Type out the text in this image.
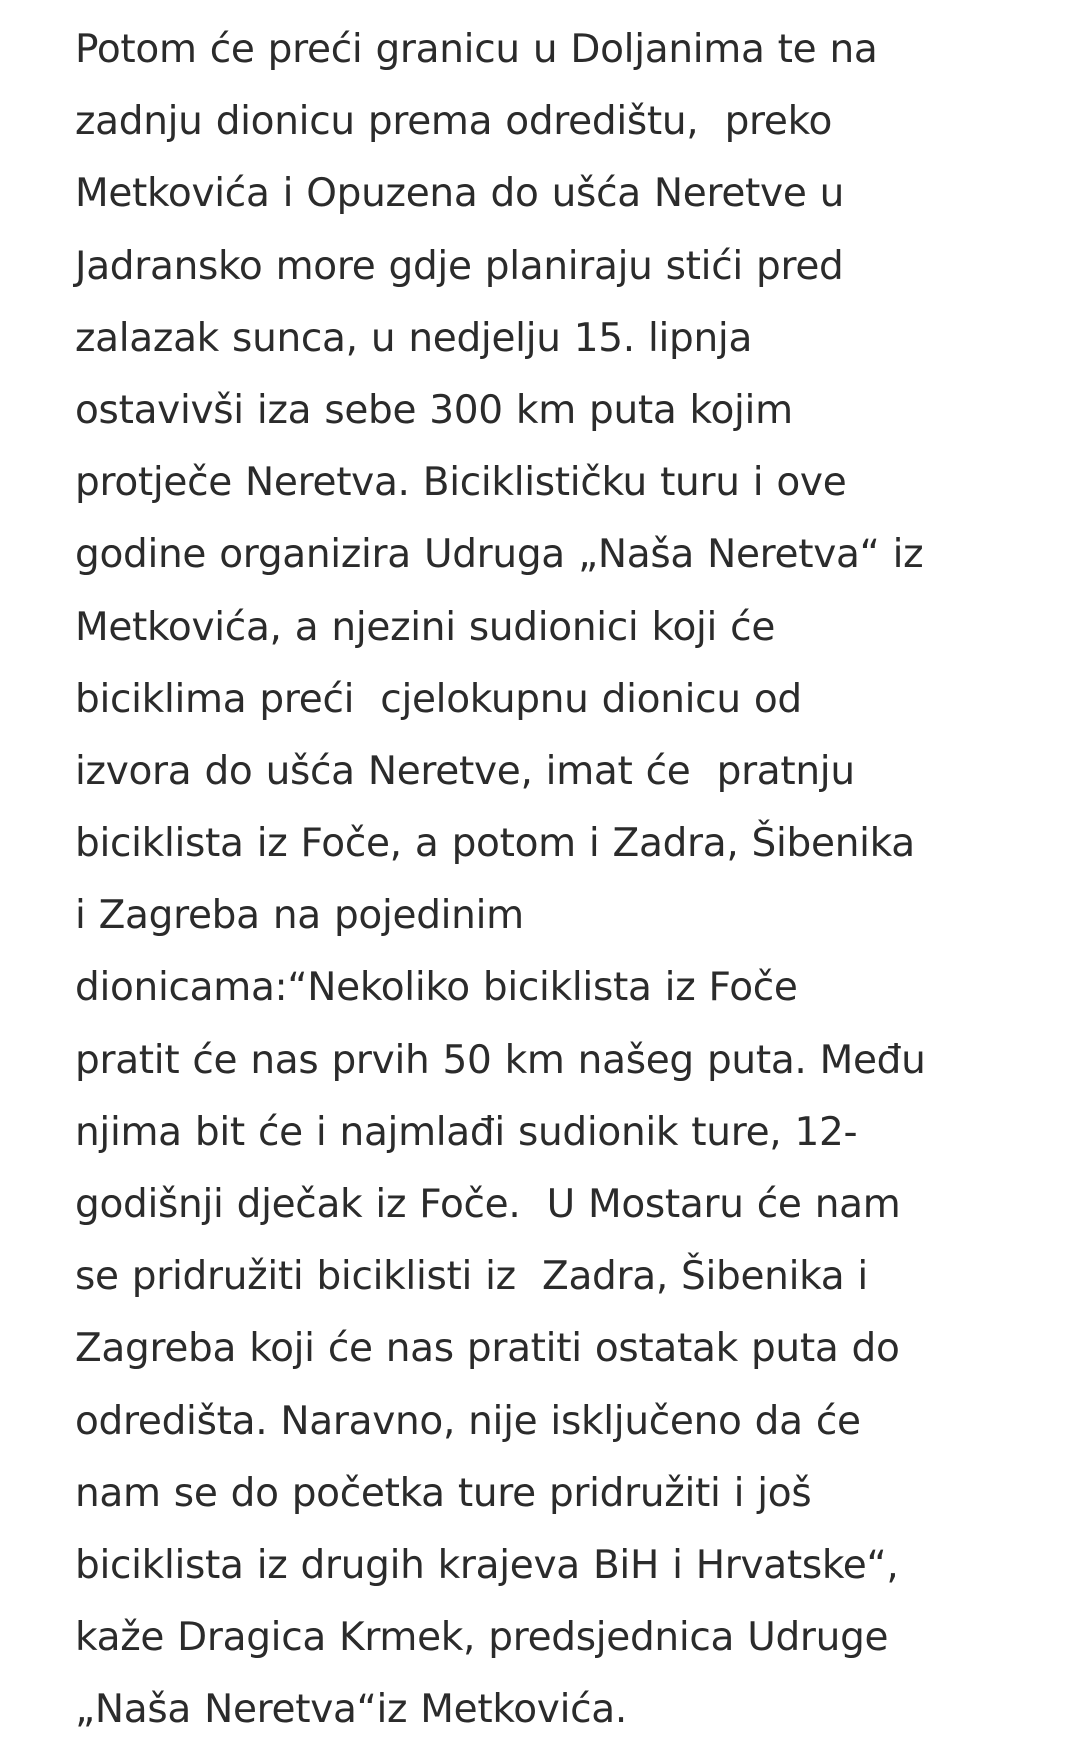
Potom će preći granicu u Doljanima te na
zadnju dionicu prema odredištu,  preko
Metkovića i Opuzena do ušća Neretve u
Jadransko more gdje planiraju stići pred
zalazak sunca, u nedjelju 15. lipnja
ostavivši iza sebe 300 km puta kojim
protječe Neretva. Biciklističku turu i ove
godine organizira Udruga „Naša Neretva“ iz
Metkovića, a njezini sudionici koji će
biciklima preći  cjelokupnu dionicu od
izvora do ušća Neretve, imat će  pratnju
biciklista iz Foče, a potom i Zadra, Šibenika
i Zagreba na pojedinim
dionicama:“Nekoliko biciklista iz Foče
pratit će nas prvih 50 km našeg puta. Među
njima bit će i najmlađi sudionik ture, 12-
godišnji dječak iz Foče.  U Mostaru će nam
se pridružiti biciklisti iz  Zadra, Šibenika i
Zagreba koji će nas pratiti ostatak puta do
odredišta. Naravno, nije isključeno da će
nam se do početka ture pridružiti i još
biciklista iz drugih krajeva BiH i Hrvatske“,
kaže Dragica Krmek, predsjednica Udruge
„Naša Neretva“iz Metkovića.
